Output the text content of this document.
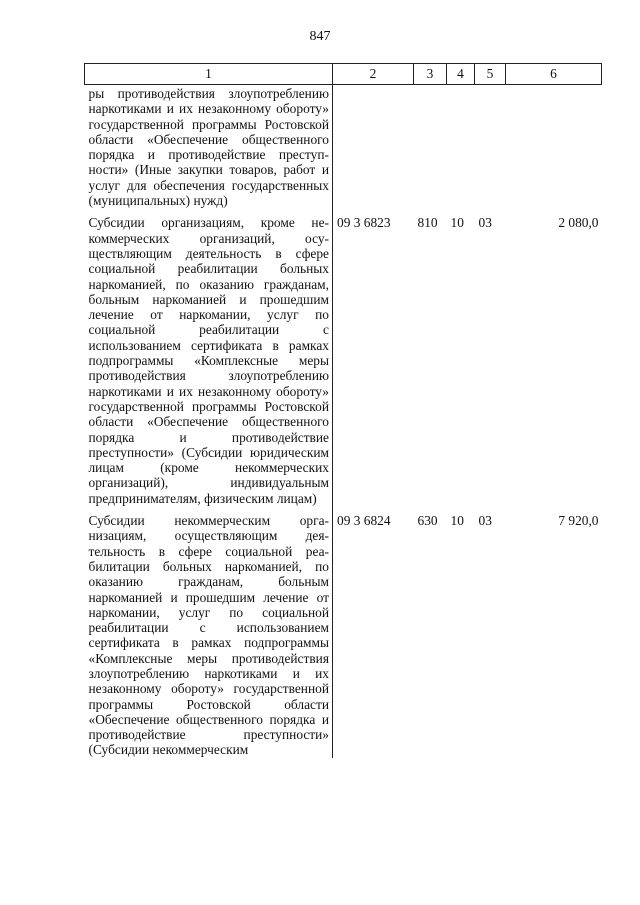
847
1	2	3	4	5	6
ры противодействия злоупотреблению наркотиками и их незаконному обороту» государственной программы Ростовской области «Обеспечение общественного порядка и противодействие преступности» (Иные закупки товаров, работ и услуг для обеспечения государственных (муниципальных) нужд)					
Субсидии организациям, кроме некоммерческих организаций, осуществляющим деятельность в сфере социальной реабилитации больных наркоманией, по оказанию гражданам, больным наркоманией и прошедшим лечение от наркомании, услуг по социальной реабилитации с использованием сертификата в рамках подпрограммы «Комплексные меры противодействия злоупотреблению наркотиками и их незаконному обороту» государственной программы Ростовской области «Обеспечение общественного порядка и противодействие преступности» (Субсидии юридическим лицам (кроме некоммерческих организаций), индивидуальным предпринимателям, физическим лицам)	09 3 6823	810	10	03	2 080,0
Субсидии некоммерческим организациям, осуществляющим деятельность в сфере социальной реабилитации больных наркоманией, по оказанию гражданам, больным наркоманией и прошедшим лечение от наркомании, услуг по социальной реабилитации с использованием сертификата в рамках подпрограммы «Комплексные меры противодействия злоупотреблению наркотиками и их незаконному обороту» государственной программы Ростовской области «Обеспечение общественного порядка и противодействие преступности» (Субсидии некоммерческим	09 3 6824	630	10	03	7 920,0
